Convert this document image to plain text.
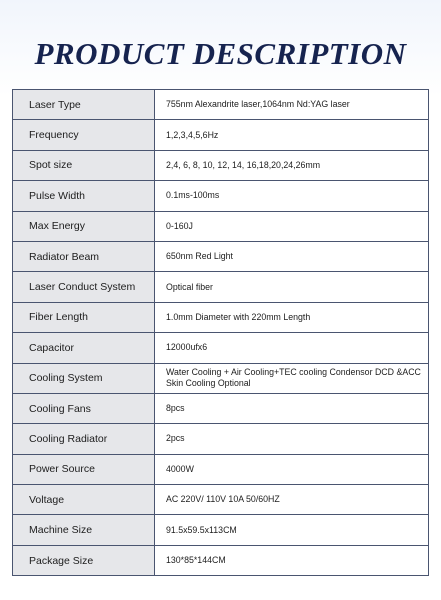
PRODUCT DESCRIPTION
Laser Type	755nm Alexandrite laser,1064nm Nd:YAG laser
Frequency	1,2,3,4,5,6Hz
Spot size	2,4, 6, 8, 10, 12, 14, 16,18,20,24,26mm
Pulse Width	0.1ms-100ms
Max Energy	0-160J
Radiator Beam	650nm Red Light
Laser Conduct System	Optical fiber
Fiber Length	1.0mm Diameter with 220mm Length
Capacitor	12000ufx6
Cooling System	Water Cooling + Air Cooling+TEC cooling Condensor DCD &ACC Skin Cooling Optional
Cooling Fans	8pcs
Cooling Radiator	2pcs
Power Source	4000W
Voltage	AC 220V/ 110V 10A 50/60HZ
Machine Size	91.5x59.5x113CM
Package Size	130*85*144CM
